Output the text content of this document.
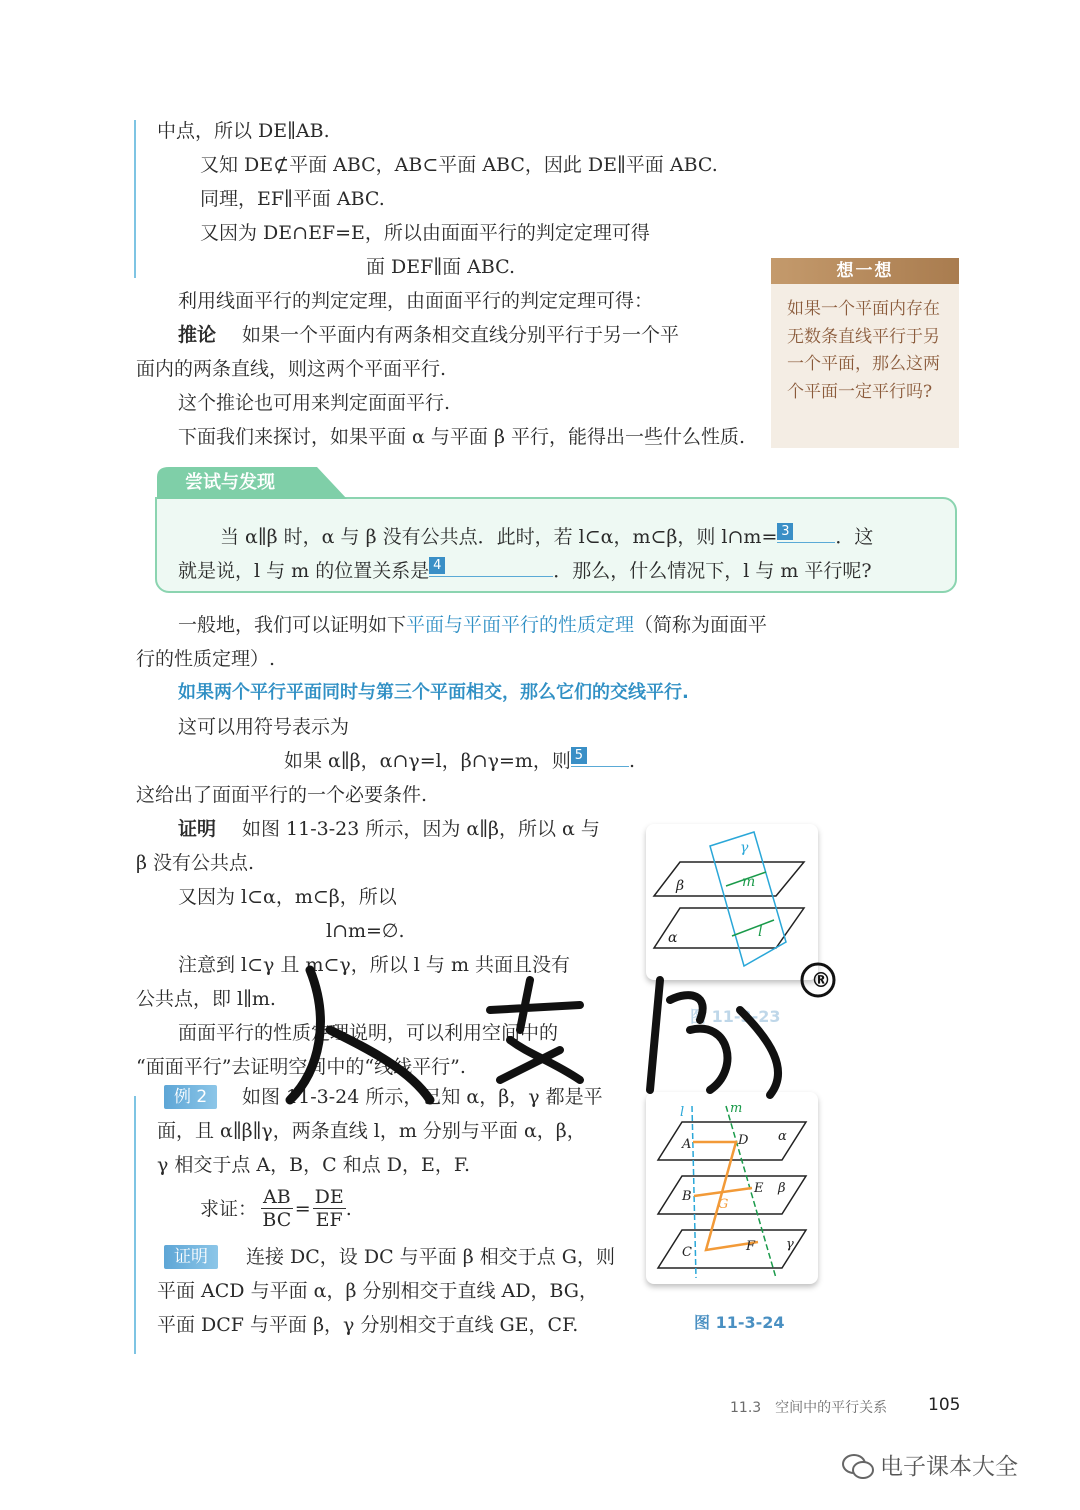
中点，所以 DE∥AB.
又知 DE⊄平面 ABC，AB⊂平面 ABC，因此 DE∥平面 ABC.
同理，EF∥平面 ABC.
又因为 DE∩EF=E，所以由面面平行的判定定理可得
面 DEF∥面 ABC.
利用线面平行的判定定理，由面面平行的判定定理可得：
推论 如果一个平面内有两条相交直线分别平行于另一个平
面内的两条直线，则这两个平面平行.
这个推论也可用来判定面面平行.
下面我们来探讨，如果平面 α 与平面 β 平行，能得出一些什么性质.
想一想
如果一个平面内存在无数条直线平行于另一个平面，那么这两个平面一定平行吗?
尝试与发现
当 α∥β 时，α 与 β 没有公共点．此时，若 l⊂α，m⊂β，则 l∩m= 3 ．这
就是说，l 与 m 的位置关系是 4	．那么，什么情况下，l 与 m 平行呢?
一般地，我们可以证明如下平面与平面平行的性质定理（简称为面面平
行的性质定理）.
如果两个平行平面同时与第三个平面相交，那么它们的交线平行.
这可以用符号表示为
如果 α∥β，α∩γ=l，β∩γ=m，则 5 .
这给出了面面平行的一个必要条件.
证明 如图 11-3-23 所示，因为 α∥β，所以 α 与
β 没有公共点.
又因为 l⊂α，m⊂β，所以
l∩m=∅.
注意到 l⊂γ 且 m⊂γ，所以 l 与 m 共面且没有
公共点，即 l∥m.
面面平行的性质定理说明，可以利用空间中的
“面面平行”去证明空间中的“线线平行”.
例 2	如图 11-3-24 所示，已知 α，β，γ 都是平
面，且 α∥β∥γ，两条直线 l，m 分别与平面 α，β，
γ 相交于点 A，B，C 和点 D，E，F.
求证： $\frac{AB}{BC} = \frac{DE}{EF}$ .
证明	连接 DC，设 DC 与平面 β 相交于点 G，则
平面 ACD 与平面 α，β 分别相交于直线 AD，BG，
平面 DCF 与平面 β，γ 分别相交于直线 GE，CF.
γ
β
α
m
l
图 11-3-23
l	m
A	D α
B
E
G
β
C	F γ
图 11-3-24
®
11.3　空间中的平行关系 105
电子课本大全
